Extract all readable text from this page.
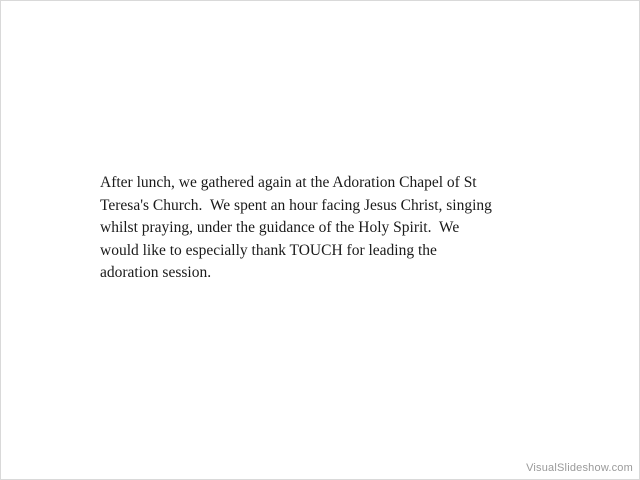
After lunch, we gathered again at the Adoration Chapel of St
Teresa's Church.  We spent an hour facing Jesus Christ, singing
whilst praying, under the guidance of the Holy Spirit.  We
would like to especially thank TOUCH for leading the
adoration session.

VisualSlideshow.com
